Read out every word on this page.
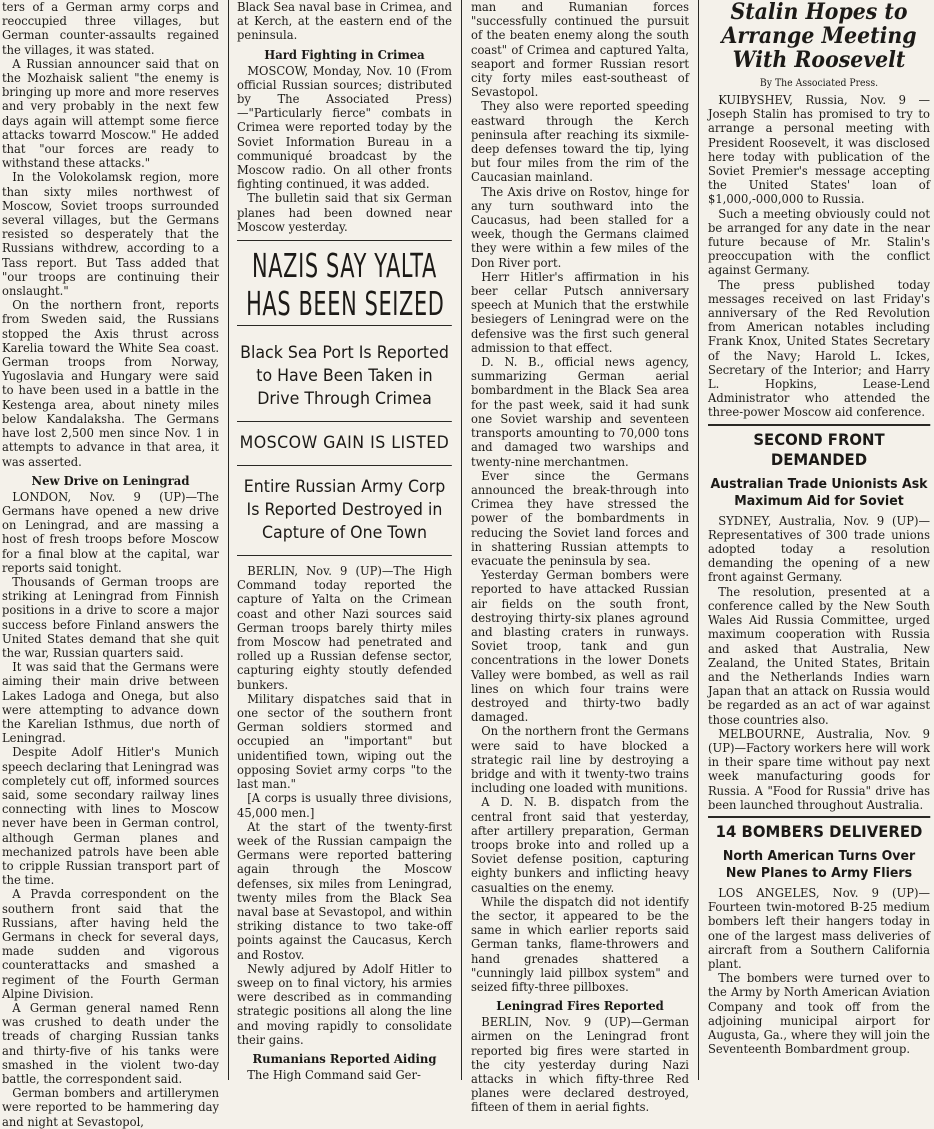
ters of a German army corps and reoccupied three villages, but German counter-assaults regained the villages, it was stated.

A Russian announcer said that on the Mozhaisk salient "the enemy is bringing up more and more reserves and very probably in the next few days again will attempt some fierce attacks towarrd Moscow." He added that "our forces are ready to withstand these attacks."

In the Volokolamsk region, more than sixty miles northwest of Moscow, Soviet troops surrounded several villages, but the Germans resisted so desperately that the Russians withdrew, according to a Tass report. But Tass added that "our troops are continuing their onslaught."

On the northern front, reports from Sweden said, the Russians stopped the Axis thrust across Karelia toward the White Sea coast. German troops from Norway, Yugoslavia and Hungary were said to have been used in a battle in the Kestenga area, about ninety miles below Kandalaksha. The Germans have lost 2,500 men since Nov. 1 in attempts to advance in that area, it was asserted.

New Drive on Leningrad

LONDON, Nov. 9 (UP)—The Germans have opened a new drive on Leningrad, and are massing a host of fresh troops before Moscow for a final blow at the capital, war reports said tonight.

Thousands of German troops are striking at Leningrad from Finnish positions in a drive to score a major success before Finland answers the United States demand that she quit the war, Russian quarters said.

It was said that the Germans were aiming their main drive between Lakes Ladoga and Onega, but also were attempting to advance down the Karelian Isthmus, due north of Leningrad.

Despite Adolf Hitler's Munich speech declaring that Leningrad was completely cut off, informed sources said, some secondary railway lines connecting with lines to Moscow never have been in German control, although German planes and mechanized patrols have been able to cripple Russian transport part of the time.

A Pravda correspondent on the southern front said that the Russians, after having held the Germans in check for several days, made sudden and vigorous counterattacks and smashed a regiment of the Fourth German Alpine Division.

A German general named Renn was crushed to death under the treads of charging Russian tanks and thirty-five of his tanks were smashed in the violent two-day battle, the correspondent said.

German bombers and artillerymen were reported to be hammering day and night at Sevastopol,

Black Sea naval base in Crimea, and at Kerch, at the eastern end of the peninsula.

Hard Fighting in Crimea

MOSCOW, Monday, Nov. 10 (From official Russian sources; distributed by The Associated Press)—"Particularly fierce" combats in Crimea were reported today by the Soviet Information Bureau in a communiqué broadcast by the Moscow radio. On all other fronts fighting continued, it was added.

The bulletin said that six German planes had been downed near Moscow yesterday.

NAZIS SAY YALTA
HAS BEEN SEIZED
Black Sea Port Is Reported to Have Been Taken in Drive Through Crimea
MOSCOW GAIN IS LISTED
Entire Russian Army Corp Is Reported Destroyed in Capture of One Town

BERLIN, Nov. 9 (UP)—The High Command today reported the capture of Yalta on the Crimean coast and other Nazi sources said German troops barely thirty miles from Moscow had penetrated and rolled up a Russian defense sector, capturing eighty stoutly defended bunkers.

Military dispatches said that in one sector of the southern front German soldiers stormed and occupied an "important" but unidentified town, wiping out the opposing Soviet army corps "to the last man."

[A corps is usually three divisions, 45,000 men.]

At the start of the twenty-first week of the Russian campaign the Germans were reported battering again through the Moscow defenses, six miles from Leningrad, twenty miles from the Black Sea naval base at Sevastopol, and within striking distance to two take-off points against the Caucasus, Kerch and Rostov.

Newly adjured by Adolf Hitler to sweep on to final victory, his armies were described as in commanding strategic positions all along the line and moving rapidly to consolidate their gains.

Rumanians Reported Aiding

The High Command said Ger-

man and Rumanian forces "successfully continued the pursuit of the beaten enemy along the south coast" of Crimea and captured Yalta, seaport and former Russian resort city forty miles east-southeast of Sevastopol.

They also were reported speeding eastward through the Kerch peninsula after reaching its sixmile-deep defenses toward the tip, lying but four miles from the rim of the Caucasian mainland.

The Axis drive on Rostov, hinge for any turn southward into the Caucasus, had been stalled for a week, though the Germans claimed they were within a few miles of the Don River port.

Herr Hitler's affirmation in his beer cellar Putsch anniversary speech at Munich that the erstwhile besiegers of Leningrad were on the defensive was the first such general admission to that effect.

D. N. B., official news agency, summarizing German aerial bombardment in the Black Sea area for the past week, said it had sunk one Soviet warship and seventeen transports amounting to 70,000 tons and damaged two warships and twenty-nine merchantmen.

Ever since the Germans announced the break-through into Crimea they have stressed the power of the bombardments in reducing the Soviet land forces and in shattering Russian attempts to evacuate the peninsula by sea.

Yesterday German bombers were reported to have attacked Russian air fields on the south front, destroying thirty-six planes aground and blasting craters in runways. Soviet troop, tank and gun concentrations in the lower Donets Valley were bombed, as well as rail lines on which four trains were destroyed and thirty-two badly damaged.

On the northern front the Germans were said to have blocked a strategic rail line by destroying a bridge and with it twenty-two trains including one loaded with munitions.

A D. N. B. dispatch from the central front said that yesterday, after artillery preparation, German troops broke into and rolled up a Soviet defense position, capturing eighty bunkers and inflicting heavy casualties on the enemy.

While the dispatch did not identify the sector, it appeared to be the same in which earlier reports said German tanks, flame-throwers and hand grenades shattered a "cunningly laid pillbox system" and seized fifty-three pillboxes.

Leningrad Fires Reported

BERLIN, Nov. 9 (UP)—German airmen on the Leningrad front reported big fires were started in the city yesterday during Nazi attacks in which fifty-three Red planes were declared destroyed, fifteen of them in aerial fights.

Stalin Hopes to Arrange Meeting With Roosevelt
By The Associated Press.

KUIBYSHEV, Russia, Nov. 9 —Joseph Stalin has promised to try to arrange a personal meeting with President Roosevelt, it was disclosed here today with publication of the Soviet Premier's message accepting the United States' loan of $1,000,-000,000 to Russia.

Such a meeting obviously could not be arranged for any date in the near future because of Mr. Stalin's preoccupation with the conflict against Germany.

The press published today messages received on last Friday's anniversary of the Red Revolution from American notables including Frank Knox, United States Secretary of the Navy; Harold L. Ickes, Secretary of the Interior; and Harry L. Hopkins, Lease-Lend Administrator who attended the three-power Moscow aid conference.

SECOND FRONT DEMANDED
Australian Trade Unionists Ask Maximum Aid for Soviet

SYDNEY, Australia, Nov. 9 (UP)—Representatives of 300 trade unions adopted today a resolution demanding the opening of a new front against Germany.

The resolution, presented at a conference called by the New South Wales Aid Russia Committee, urged maximum cooperation with Russia and asked that Australia, New Zealand, the United States, Britain and the Netherlands Indies warn Japan that an attack on Russia would be regarded as an act of war against those countries also.

MELBOURNE, Australia, Nov. 9 (UP)—Factory workers here will work in their spare time without pay next week manufacturing goods for Russia. A "Food for Russia" drive has been launched throughout Australia.

14 BOMBERS DELIVERED
North American Turns Over New Planes to Army Fliers

LOS ANGELES, Nov. 9 (UP)—Fourteen twin-motored B-25 medium bombers left their hangers today in one of the largest mass deliveries of aircraft from a Southern California plant.

The bombers were turned over to the Army by North American Aviation Company and took off from the adjoining municipal airport for Augusta, Ga., where they will join the Seventeenth Bombardment group.
